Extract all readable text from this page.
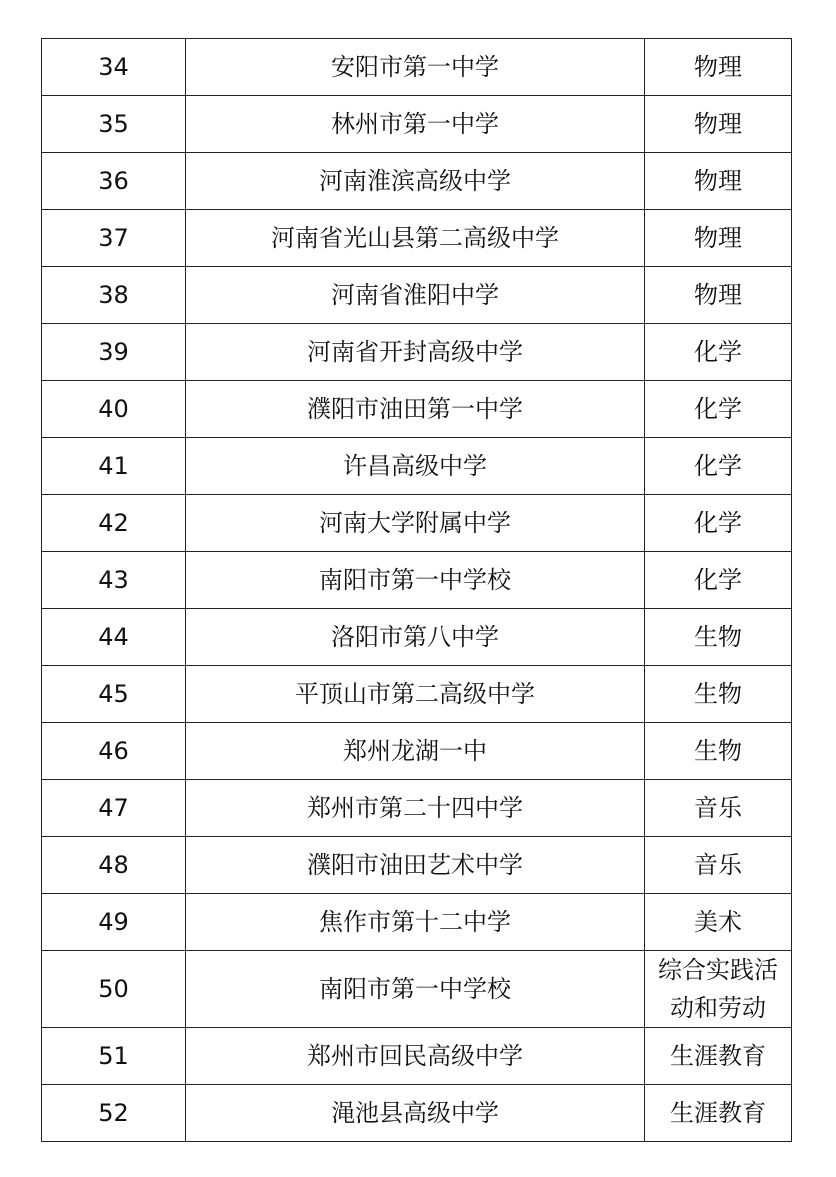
34	安阳市第一中学	物理
35	林州市第一中学	物理
36	河南淮滨高级中学	物理
37	河南省光山县第二高级中学	物理
38	河南省淮阳中学	物理
39	河南省开封高级中学	化学
40	濮阳市油田第一中学	化学
41	许昌高级中学	化学
42	河南大学附属中学	化学
43	南阳市第一中学校	化学
44	洛阳市第八中学	生物
45	平顶山市第二高级中学	生物
46	郑州龙湖一中	生物
47	郑州市第二十四中学	音乐
48	濮阳市油田艺术中学	音乐
49	焦作市第十二中学	美术
50	南阳市第一中学校	综合实践活动和劳动
51	郑州市回民高级中学	生涯教育
52	渑池县高级中学	生涯教育
